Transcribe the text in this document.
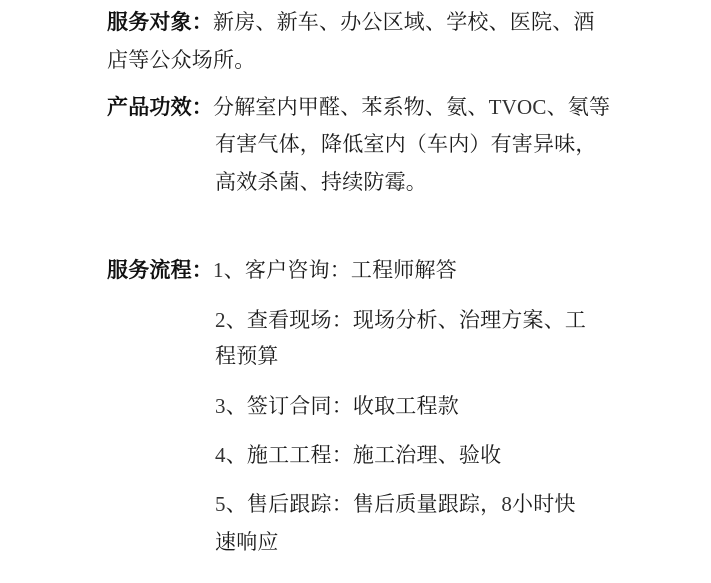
服务对象：新房、新车、办公区域、学校、医院、酒
店等公众场所。
产品功效：分解室内甲醛、苯系物、氨、TVOC、氡等
有害气体，降低室内（车内）有害异味，
高效杀菌、持续防霉。
服务流程：1、客户咨询：工程师解答
2、查看现场：现场分析、治理方案、工
程预算
3、签订合同：收取工程款
4、施工工程：施工治理、验收
5、售后跟踪：售后质量跟踪，8小时快
速响应
